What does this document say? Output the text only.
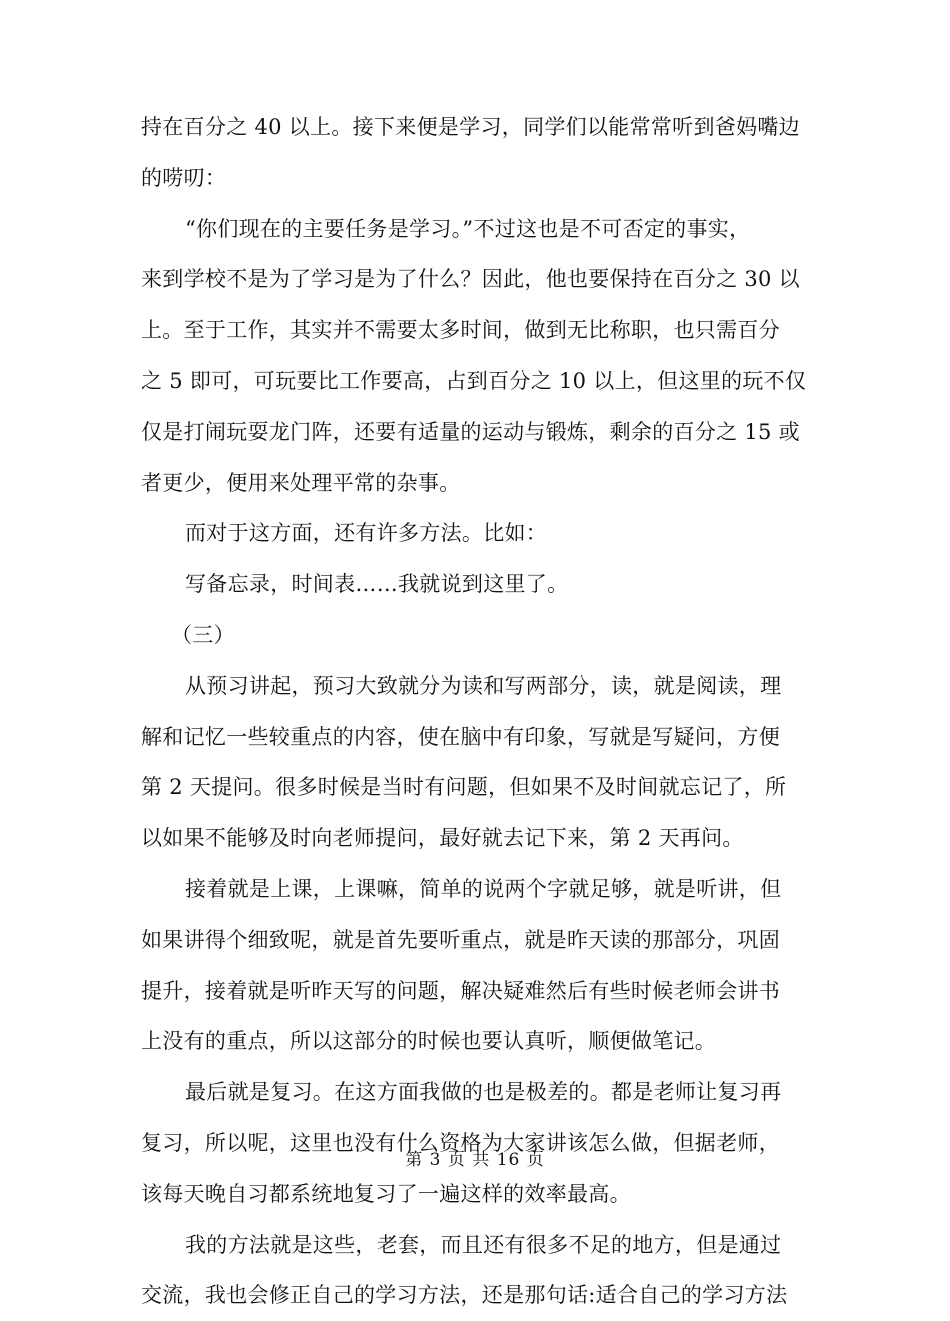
持在百分之 40 以上。接下来便是学习，同学们以能常常听到爸妈嘴边
的唠叨：
“你们现在的主要任务是学习。”不过这也是不可否定的事实，
来到学校不是为了学习是为了什么？因此，他也要保持在百分之 30 以
上。至于工作，其实并不需要太多时间，做到无比称职，也只需百分
之 5 即可，可玩要比工作要高，占到百分之 10 以上，但这里的玩不仅
仅是打闹玩耍龙门阵，还要有适量的运动与锻炼，剩余的百分之 15 或
者更少，便用来处理平常的杂事。
而对于这方面，还有许多方法。比如：
写备忘录，时间表……我就说到这里了。
（三）
从预习讲起，预习大致就分为读和写两部分，读，就是阅读，理
解和记忆一些较重点的内容，使在脑中有印象，写就是写疑问，方便
第 2 天提问。很多时候是当时有问题，但如果不及时间就忘记了，所
以如果不能够及时向老师提问，最好就去记下来，第 2 天再问。
接着就是上课，上课嘛，简单的说两个字就足够，就是听讲，但
如果讲得个细致呢，就是首先要听重点，就是昨天读的那部分，巩固
提升，接着就是听昨天写的问题，解决疑难然后有些时候老师会讲书
上没有的重点，所以这部分的时候也要认真听，顺便做笔记。
最后就是复习。在这方面我做的也是极差的。都是老师让复习再
复习，所以呢，这里也没有什么资格为大家讲该怎么做，但据老师，
该每天晚自习都系统地复习了一遍这样的效率最高。
我的方法就是这些，老套，而且还有很多不足的地方，但是通过
交流，我也会修正自己的学习方法，还是那句话:适合自己的学习方法
第 3 页 共 16 页
